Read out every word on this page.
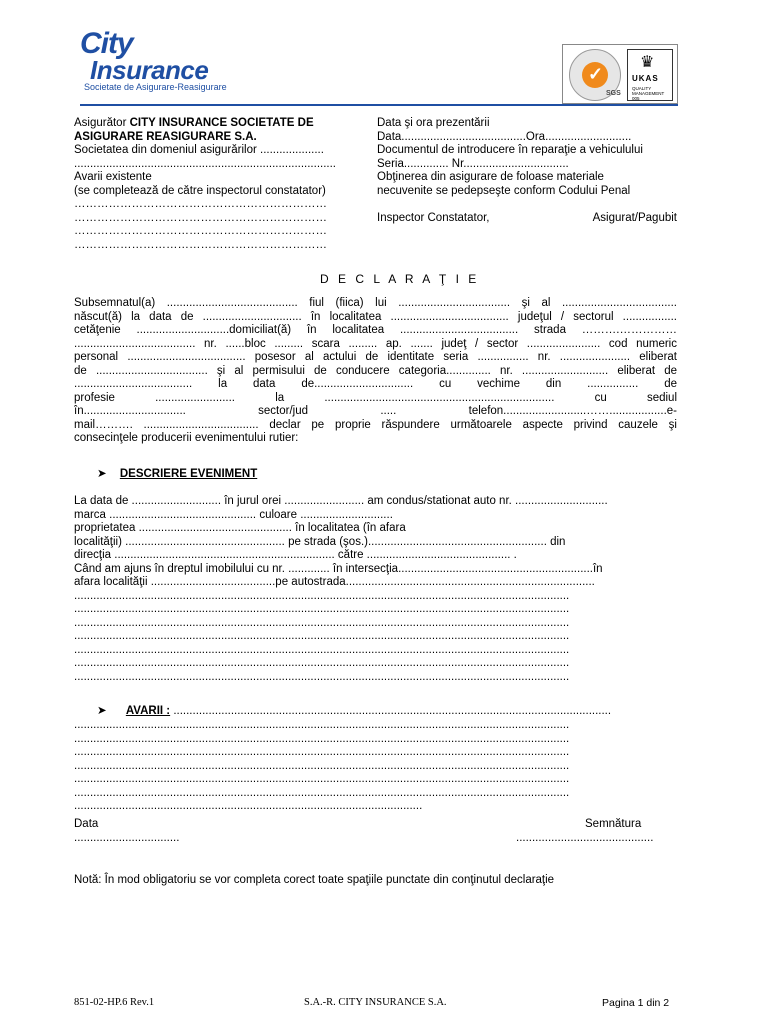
City
Insurance
Societate de Asigurare-Reasigurare
✓
SGS
♛
UKAS
QUALITY MANAGEMENT 005
Asigurător CITY INSURANCE SOCIETATE DE
ASIGURARE REASIGURARE S.A.
Societatea din domeniul asigurărilor ....................
..................................................................................
Avarii existente
(se completează de către inspectorul constatator)
…………………………………………………………
…………………………………………………………
…………………………………………………………
…………………………………………………………
Data şi ora prezentării
Data.......................................Ora...........................
Documentul de introducere în reparaţie a vehiculului
Seria.............. Nr.................................
Obţinerea din asigurare de foloase materiale
necuvenite se pedepseşte conform Codului Penal
Inspector Constatator,	Asigurat/Pagubit
D E C L A R A Ţ I E
Subsemnatul(a) ......................................... fiul (fiica) lui ................................... şi al ....................................
născut(ă) la data de ............................... în localitatea ..................................... judeţul / sectorul .................
cetăţenie .............................domiciliat(ă) în localitatea ..................................... strada ……….……………
...................................... nr. ......bloc ......... scara ......... ap. ....... judeţ / sector ....................... cod numeric
personal ..................................... posesor al actului de identitate seria ................ nr. ...................... eliberat
de ................................... şi al permisului de conducere categoria.............. nr. ........................... eliberat de
..................................... la data de............................... cu vechime din ................ de
profesie ......................... la ........................................................................ cu sediul
în................................ sector/jud ..... telefon..........................……..................e-
mail………. .................................... declar pe proprie răspundere următoarele aspecte privind cauzele şi
consecinţele producerii evenimentului rutier:
➤ DESCRIERE EVENIMENT
La data de ............................ în jurul orei ......................... am condus/stationat auto nr. .............................
marca .............................................. culoare .............................
proprietatea ................................................ în localitatea (în afara
localităţii) .................................................. pe strada (şos.)........................................................ din
direcţia ..................................................................... către ............................................. .
Când am ajuns în dreptul imobilului cu nr. ............. în intersecţia.............................................................în
afara localităţii .......................................pe autostrada..............................................................................
...........................................................................................................................................................
...........................................................................................................................................................
...........................................................................................................................................................
...........................................................................................................................................................
...........................................................................................................................................................
...........................................................................................................................................................
...........................................................................................................................................................
➤ AVARII : .........................................................................................................................................
...........................................................................................................................................................
...........................................................................................................................................................
...........................................................................................................................................................
...........................................................................................................................................................
...........................................................................................................................................................
...........................................................................................................................................................
.............................................................................................................
Data	Semnătura
.................................	...........................................
Notă: În mod obligatoriu se vor completa corect toate spaţiile punctate din conţinutul declaraţie
851-02-HP.6 Rev.1	S.A.-R. CITY INSURANCE S.A.	Pagina 1 din 2
